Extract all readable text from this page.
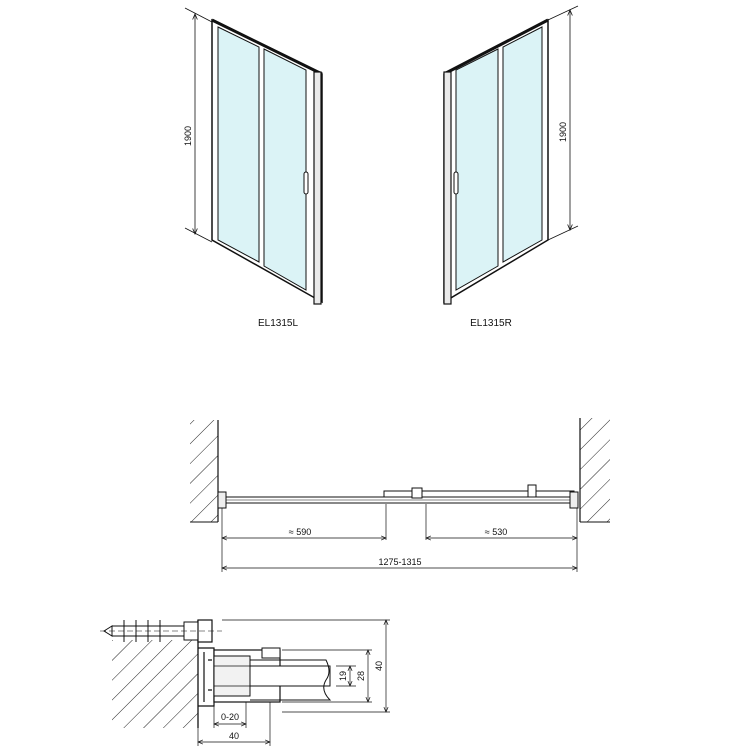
1900
EL1315L
1900
EL1315R
≈ 590	≈ 530
1275-1315
19 28
40
0-20
40
